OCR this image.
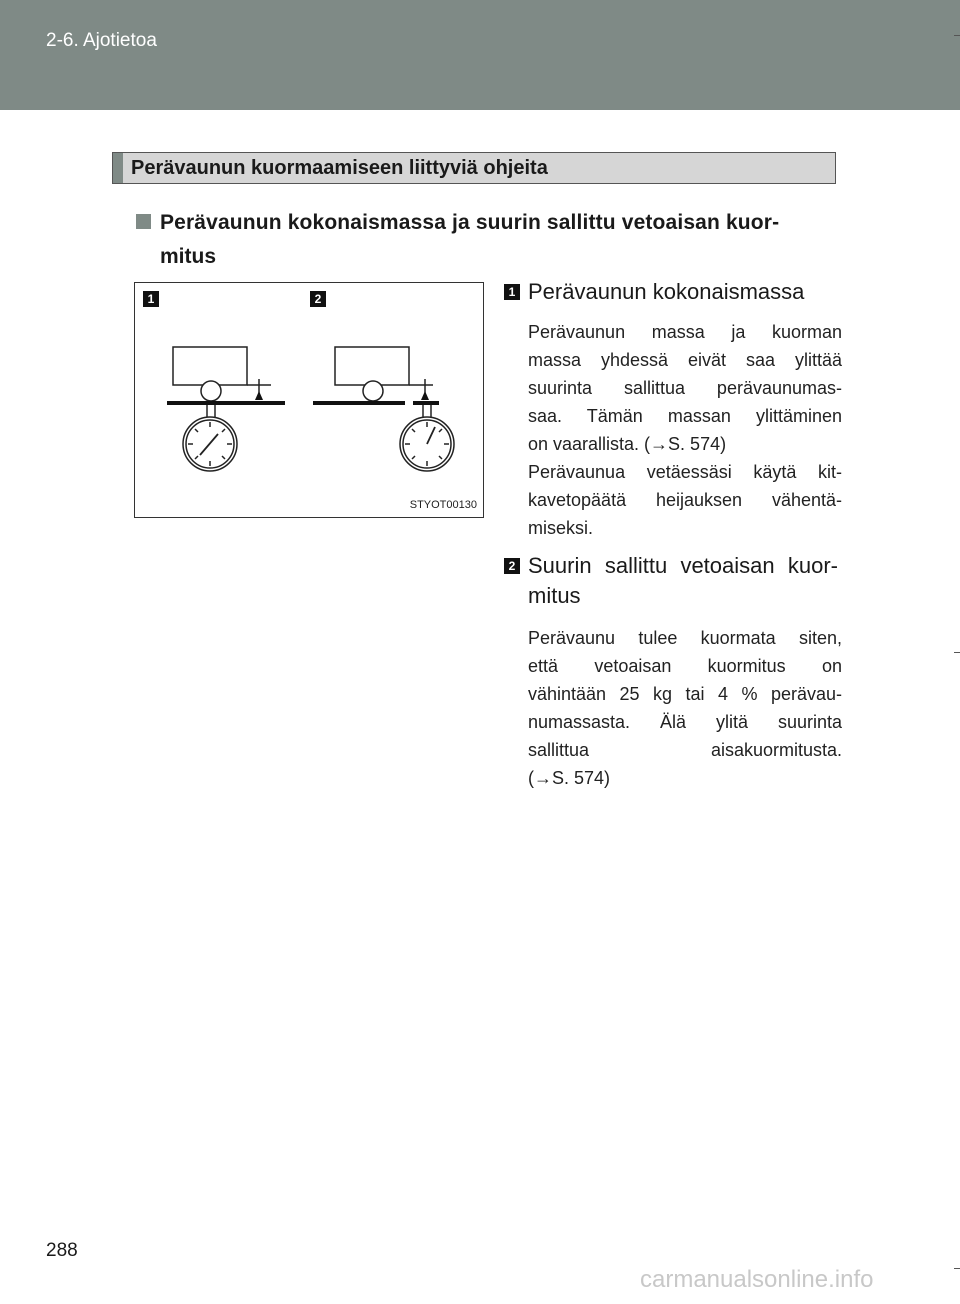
2-6. Ajotietoa
Perävaunun kuormaamiseen liittyviä ohjeita
Perävaunun kokonaismassa ja suurin sallittu vetoaisan kuor-
mitus
1	2
STYOT00130
1 Perävaunun kokonaismassa
Perävaunun massa ja kuorman
massa yhdessä eivät saa ylittää
suurinta sallittua perävaunumas-
saa. Tämän massan ylittäminen
on vaarallista. (→S. 574)
Perävaunua vetäessäsi käytä kit-
kavetopäätä heijauksen vähentä-
miseksi.
2 Suurin sallittu vetoaisan kuor-
mitus
Perävaunu tulee kuormata siten,
että vetoaisan kuormitus on
vähintään 25 kg tai 4 % perävau-
numassasta. Älä ylitä suurinta
sallittua aisakuormitusta.
(→S. 574)
288
carmanualsonline.info
